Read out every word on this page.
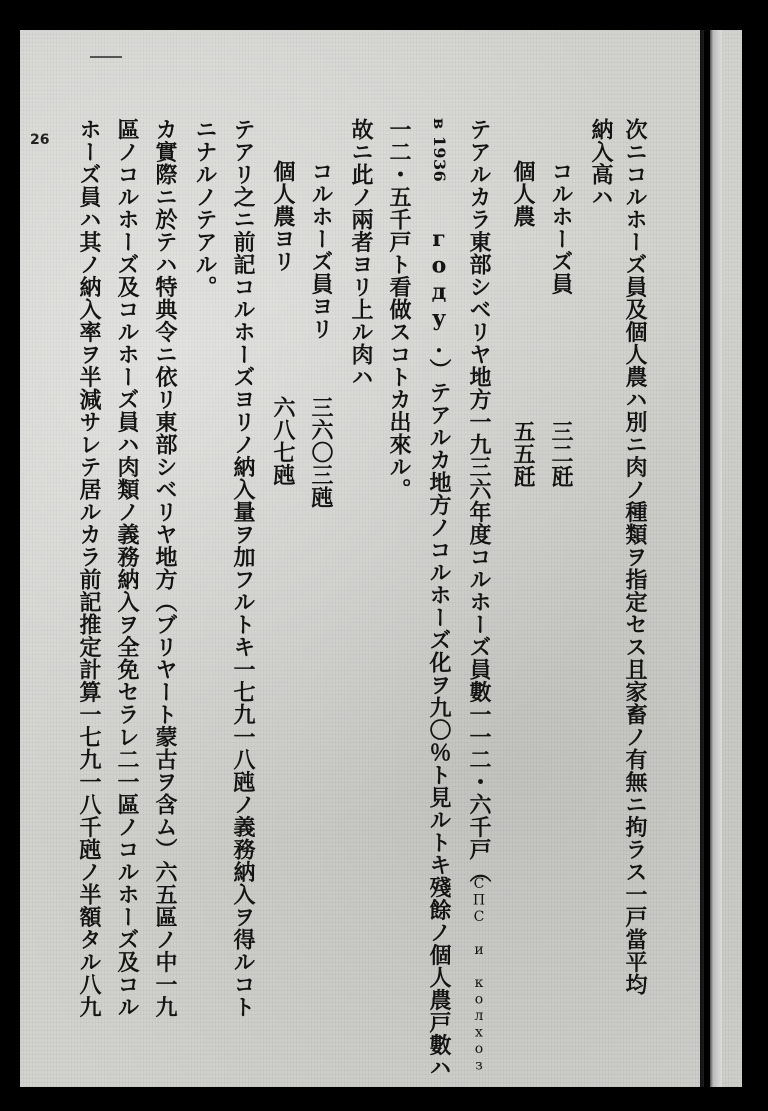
26	次ニコルホーズ員及個人農ハ別ニ肉ノ種類ヲ指定セス且家畜ノ有無ニ拘ラス一戸當平均
納入高ハ
コルホーズ員
三二瓩
個人農
五五瓩
テアルカラ東部シベリヤ地方一九三六年度コルホーズ員數一一二・六千戸（
СПС и колхоз
в 1936
году.）テアルカ地方ノコルホーズ化ヲ九〇％ト見ルトキ殘餘ノ個人農戸數ハ
一二・五千戸ト看做スコトカ出來ル。
故ニ此ノ兩者ヨリ上ル肉ハ
コルホーズ員ヨリ
三六〇三瓲
個人農ヨリ
六八七瓲
テアリ之ニ前記コルホーズヨリノ納入量ヲ加フルトキ一七九一八瓲ノ義務納入ヲ得ルコト
ニナルノテアル。
カ實際ニ於テハ特典令ニ依リ東部シベリヤ地方（ブリヤート蒙古ヲ含ム）六五區ノ中一九
區ノコルホーズ及コルホーズ員ハ肉類ノ義務納入ヲ全免セラレ二一區ノコルホーズ及コル
ホーズ員ハ其ノ納入率ヲ半減サレテ居ルカラ前記推定計算一七九一八千瓲ノ半額タル八九
